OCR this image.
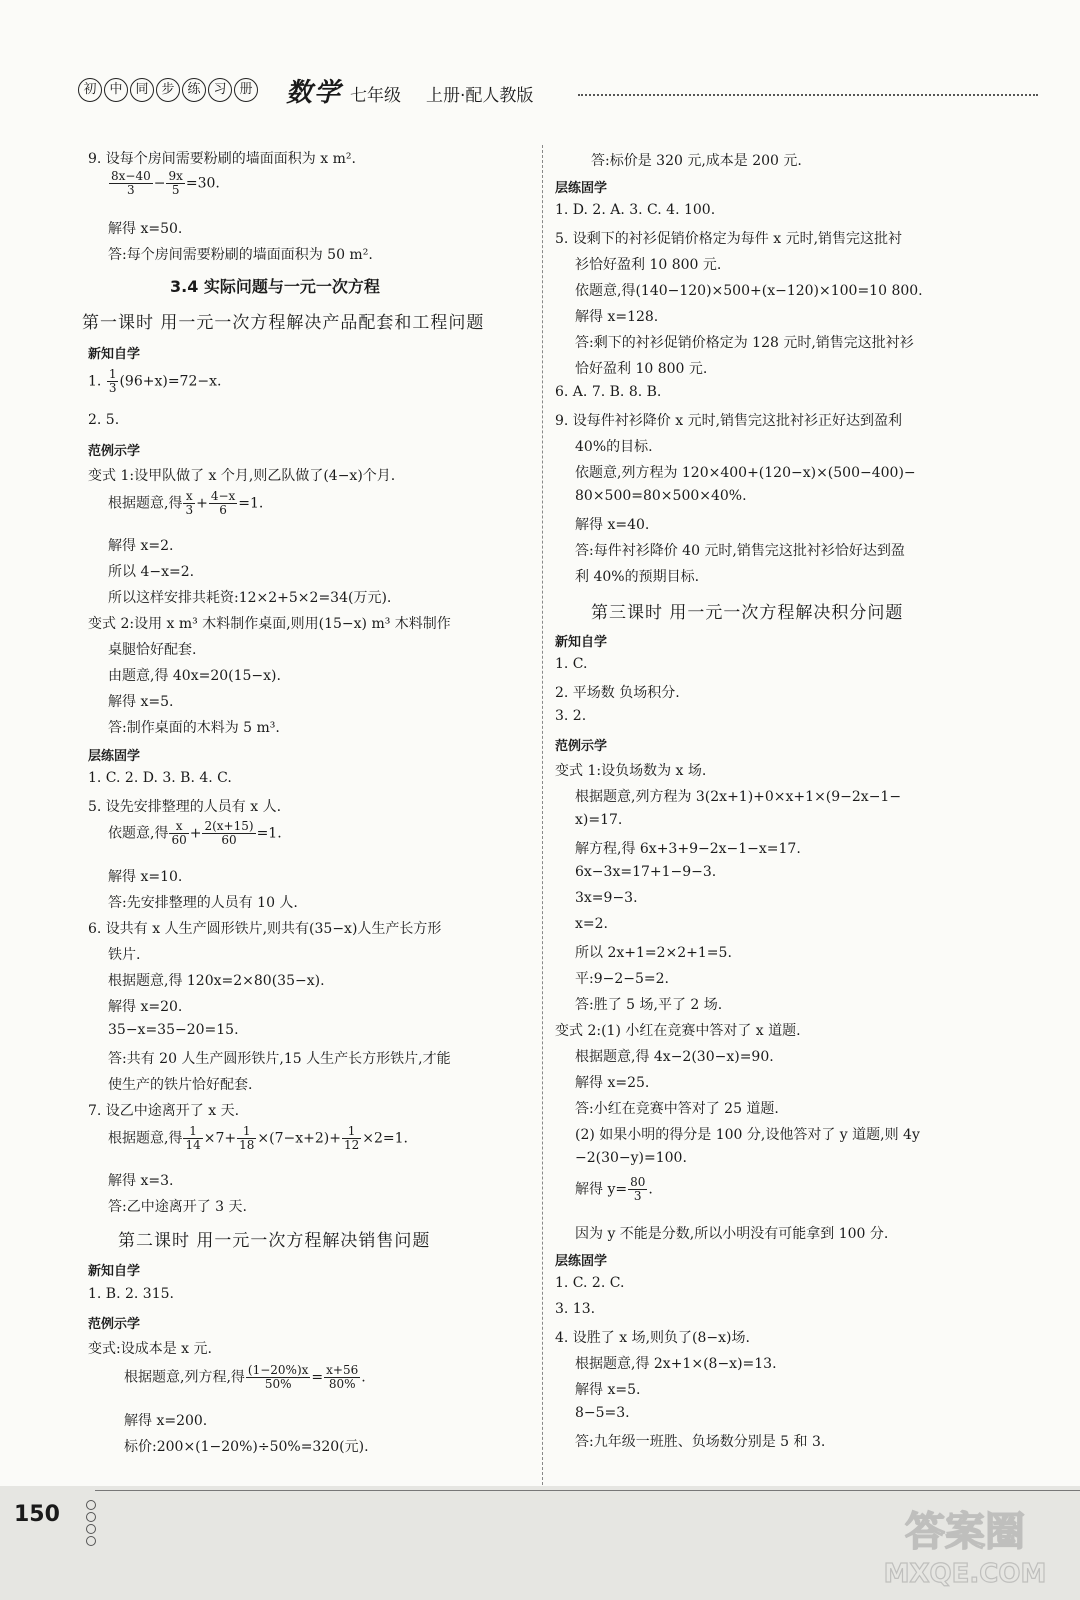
初 中 同 步 练 习 册 数学 七年级 上册·配人教版
9. 设每个房间需要粉刷的墙面面积为 x m².
$\frac{8x-40}{3} - \frac{9x}{5} =30$.
解得 x=50.
答:每个房间需要粉刷的墙面面积为 50 m².
3.4 实际问题与一元一次方程
第一课时 用一元一次方程解决产品配套和工程问题
新知自学
1. $\frac{1}{3} (96+x)=72-x$.
2. 5.
范例示学
变式 1:设甲队做了 x 个月,则乙队做了(4−x)个月.
根据题意,得 $\frac{x}{3} + \frac{4-x}{6} =1$.
解得 x=2.
所以 4−x=2.
所以这样安排共耗资:12×2+5×2=34(万元).
变式 2:设用 x m³ 木料制作桌面,则用(15−x) m³ 木料制作
桌腿恰好配套.
由题意,得 40x=20(15−x).
解得 x=5.
答:制作桌面的木料为 5 m³.
层练固学
1. C. 2. D. 3. B. 4. C.
5. 设先安排整理的人员有 x 人.
依题意,得 $\frac{x}{60} + \frac{2(x+15)}{60} =1$.
解得 x=10.
答:先安排整理的人员有 10 人.
6. 设共有 x 人生产圆形铁片,则共有(35−x)人生产长方形
铁片.
根据题意,得 120x=2×80(35−x).
解得 x=20.
35−x=35−20=15.
答:共有 20 人生产圆形铁片,15 人生产长方形铁片,才能
使生产的铁片恰好配套.
7. 设乙中途离开了 x 天.
根据题意,得 $\frac{1}{14} \times 7+ \frac{1}{18} \times(7-x+2)+ \frac{1}{12} \times 2=1$.
解得 x=3.
答:乙中途离开了 3 天.
第二课时 用一元一次方程解决销售问题
新知自学
1. B. 2. 315.
范例示学
变式:设成本是 x 元.
根据题意,列方程,得 $\frac{(1-20\%)x}{50\%} = \frac{x+56}{80\%}$ .
解得 x=200.
标价:200×(1−20%)÷50%=320(元).
答:标价是 320 元,成本是 200 元.
层练固学
1. D. 2. A. 3. C. 4. 100.
5. 设剩下的衬衫促销价格定为每件 x 元时,销售完这批衬
衫恰好盈利 10 800 元.
依题意,得(140−120)×500+(x−120)×100=10 800.
解得 x=128.
答:剩下的衬衫促销价格定为 128 元时,销售完这批衬衫
恰好盈利 10 800 元.
6. A. 7. B. 8. B.
9. 设每件衬衫降价 x 元时,销售完这批衬衫正好达到盈利
40%的目标.
依题意,列方程为 120×400+(120−x)×(500−400)−
80×500=80×500×40%.
解得 x=40.
答:每件衬衫降价 40 元时,销售完这批衬衫恰好达到盈
利 40%的预期目标.
第三课时 用一元一次方程解决积分问题
新知自学
1. C.
2. 平场数 负场积分.
3. 2.
范例示学
变式 1:设负场数为 x 场.
根据题意,列方程为 3(2x+1)+0×x+1×(9−2x−1−
x)=17.
解方程,得 6x+3+9−2x−1−x=17.
6x−3x=17+1−9−3.
3x=9−3.
x=2.
所以 2x+1=2×2+1=5.
平:9−2−5=2.
答:胜了 5 场,平了 2 场.
变式 2:(1) 小红在竞赛中答对了 x 道题.
根据题意,得 4x−2(30−x)=90.
解得 x=25.
答:小红在竞赛中答对了 25 道题.
(2) 如果小明的得分是 100 分,设他答对了 y 道题,则 4y
−2(30−y)=100.
解得 $y= \frac{80}{3}$ .
因为 y 不能是分数,所以小明没有可能拿到 100 分.
层练固学
1. C. 2. C.
3. 13.
4. 设胜了 x 场,则负了(8−x)场.
根据题意,得 2x+1×(8−x)=13.
解得 x=5.
8−5=3.
答:九年级一班胜、负场数分别是 5 和 3.
150	答案圈
MXQE.COM
